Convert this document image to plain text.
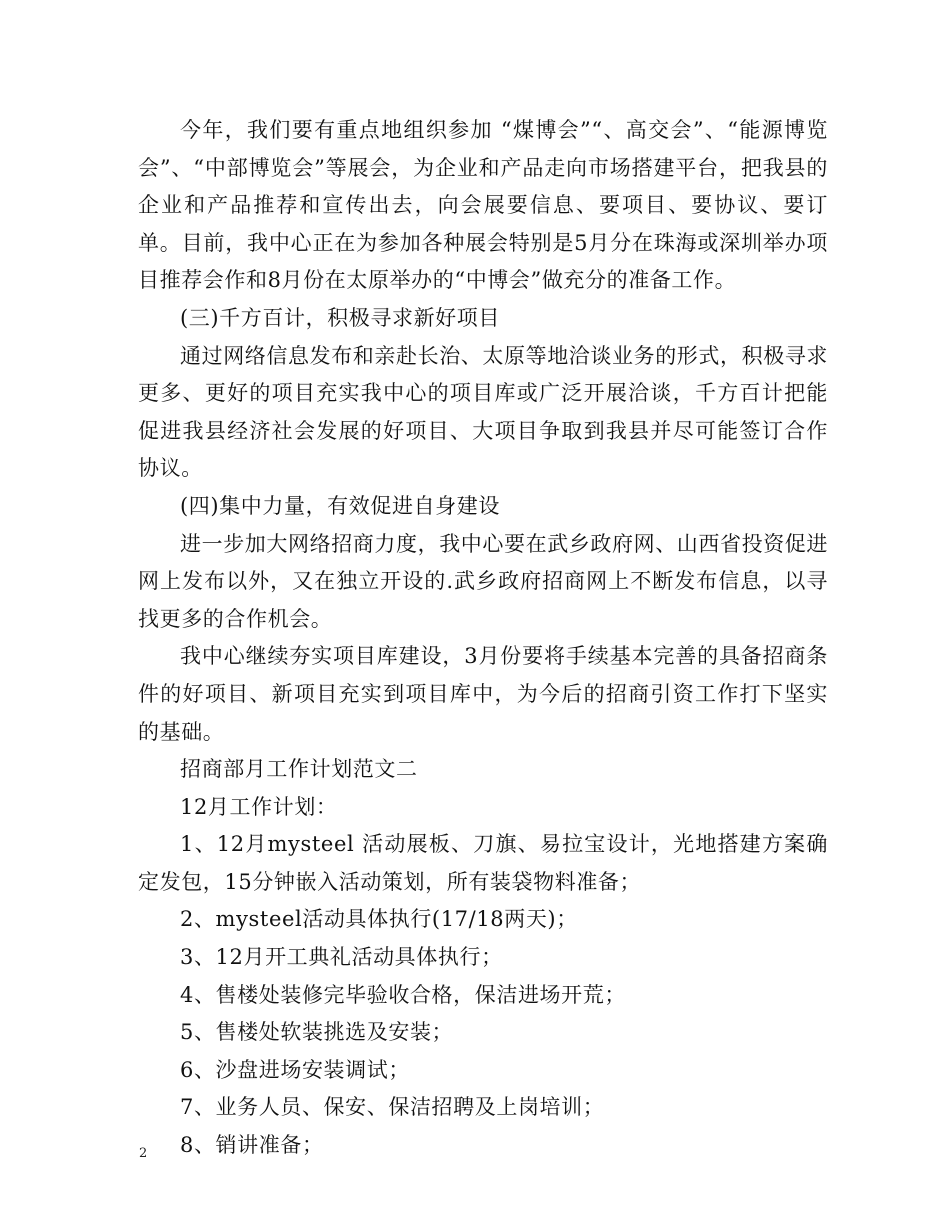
今年，我们要有重点地组织参加 “煤博会”“、高交会”、“能源博览会”、“中部博览会”等展会，为企业和产品走向市场搭建平台，把我县的企业和产品推荐和宣传出去，向会展要信息、要项目、要协议、要订单。目前，我中心正在为参加各种展会特别是5月分在珠海或深圳举办项目推荐会作和8月份在太原举办的“中博会”做充分的准备工作。

(三)千方百计，积极寻求新好项目

通过网络信息发布和亲赴长治、太原等地洽谈业务的形式，积极寻求更多、更好的项目充实我中心的项目库或广泛开展洽谈，千方百计把能促进我县经济社会发展的好项目、大项目争取到我县并尽可能签订合作协议。

(四)集中力量，有效促进自身建设

进一步加大网络招商力度，我中心要在武乡政府网、山西省投资促进网上发布以外，又在独立开设的.武乡政府招商网上不断发布信息，以寻找更多的合作机会。

我中心继续夯实项目库建设，3月份要将手续基本完善的具备招商条件的好项目、新项目充实到项目库中，为今后的招商引资工作打下坚实的基础。

招商部月工作计划范文二

12月工作计划：

1、12月mysteel 活动展板、刀旗、易拉宝设计，光地搭建方案确定发包，15分钟嵌入活动策划，所有装袋物料准备；

2、mysteel活动具体执行(17/18两天)；

3、12月开工典礼活动具体执行；

4、售楼处装修完毕验收合格，保洁进场开荒；

5、售楼处软装挑选及安装；

6、沙盘进场安装调试；

7、业务人员、保安、保洁招聘及上岗培训；

8、销讲准备；

2
